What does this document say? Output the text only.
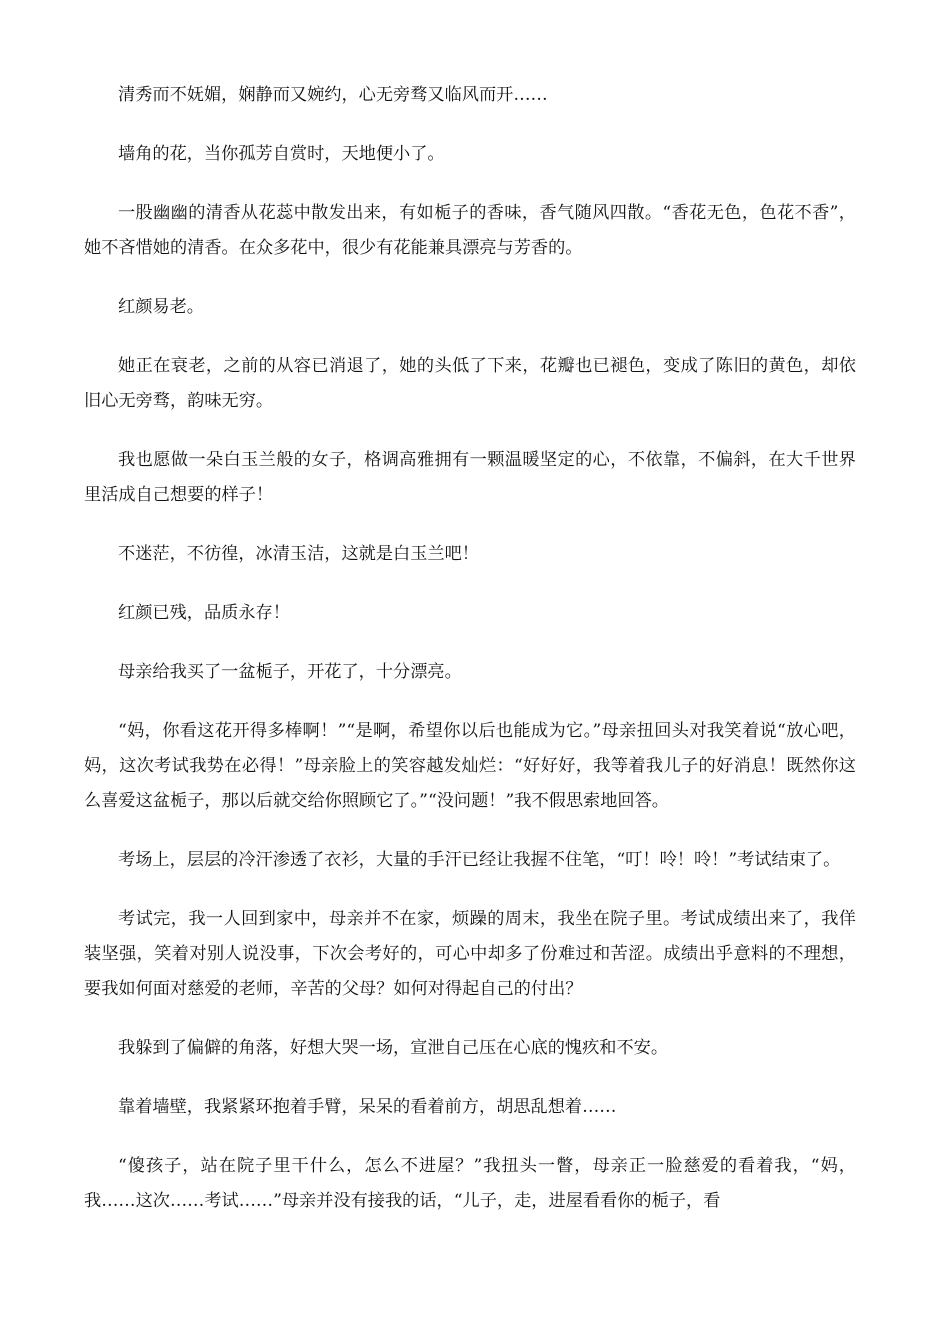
清秀而不妩媚，娴静而又婉约，心无旁骛又临风而开……

墙角的花，当你孤芳自赏时，天地便小了。

一股幽幽的清香从花蕊中散发出来，有如栀子的香味，香气随风四散。“香花无色，色花不香”，她不吝惜她的清香。在众多花中，很少有花能兼具漂亮与芳香的。

红颜易老。

她正在衰老，之前的从容已消退了，她的头低了下来，花瓣也已褪色，变成了陈旧的黄色，却依旧心无旁骛，韵味无穷。

我也愿做一朵白玉兰般的女子，格调高雅拥有一颗温暖坚定的心，不依靠，不偏斜，在大千世界里活成自己想要的样子！

不迷茫，不彷徨，冰清玉洁，这就是白玉兰吧！

红颜已残，品质永存！

母亲给我买了一盆栀子，开花了，十分漂亮。

“妈，你看这花开得多棒啊！”“是啊，希望你以后也能成为它。”母亲扭回头对我笑着说“放心吧，妈，这次考试我势在必得！”母亲脸上的笑容越发灿烂：“好好好，我等着我儿子的好消息！既然你这么喜爱这盆栀子，那以后就交给你照顾它了。”“没问题！”我不假思索地回答。

考场上，层层的冷汗渗透了衣衫，大量的手汗已经让我握不住笔，“叮！呤！呤！”考试结束了。

考试完，我一人回到家中，母亲并不在家，烦躁的周末，我坐在院子里。考试成绩出来了，我佯装坚强，笑着对别人说没事，下次会考好的，可心中却多了份难过和苦涩。成绩出乎意料的不理想，要我如何面对慈爱的老师，辛苦的父母？如何对得起自己的付出？

我躲到了偏僻的角落，好想大哭一场，宣泄自己压在心底的愧疚和不安。

靠着墙壁，我紧紧环抱着手臂，呆呆的看着前方，胡思乱想着……

“傻孩子，站在院子里干什么，怎么不进屋？”我扭头一瞥，母亲正一脸慈爱的看着我，“妈，我……这次……考试……”母亲并没有接我的话，“儿子，走，进屋看看你的栀子，看
